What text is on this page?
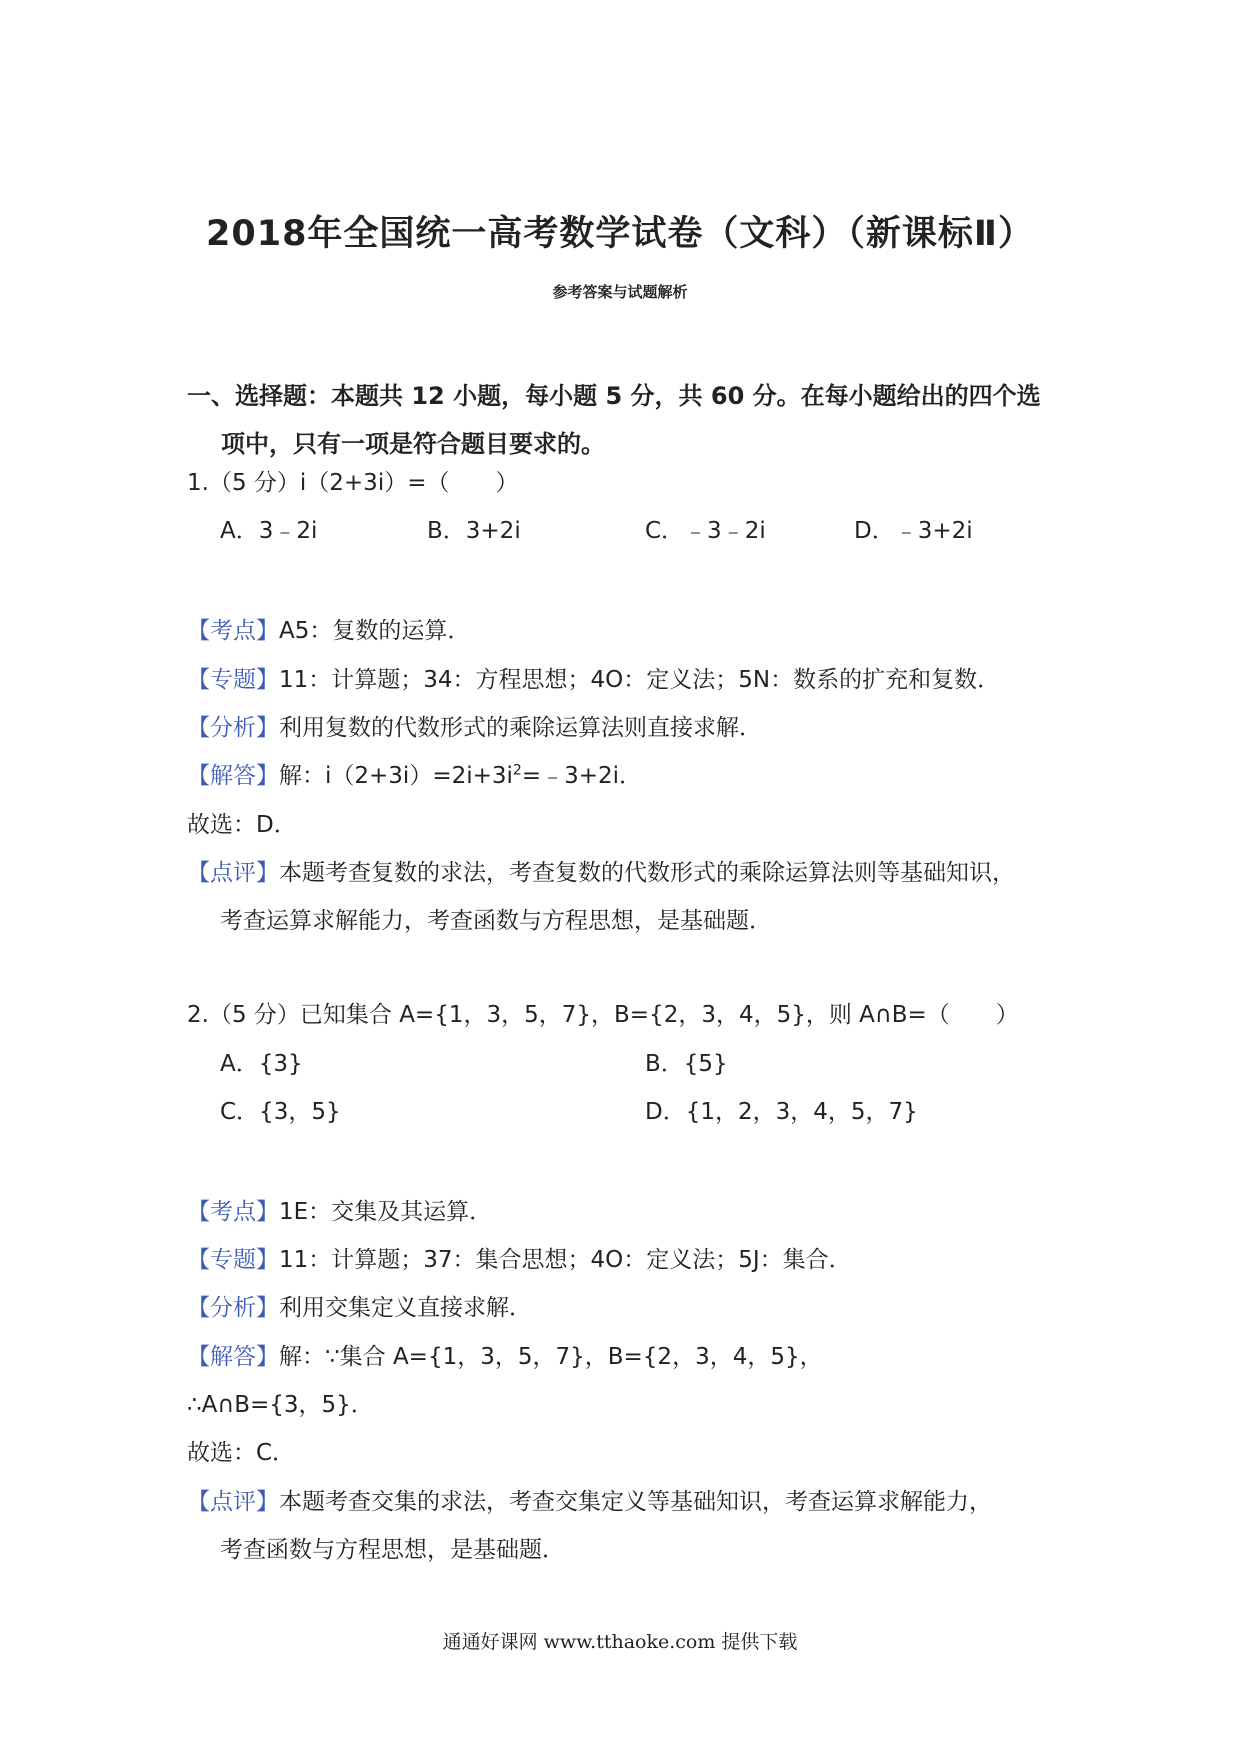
2018年全国统一高考数学试卷（文科）（新课标Ⅱ）
参考答案与试题解析
一、选择题：本题共 12 小题，每小题 5 分，共 60 分。在每小题给出的四个选
项中，只有一项是符合题目要求的。
1.（5 分）i（2+3i）=（　　）
A．3﹣2i	B．3+2i	C．﹣3﹣2i	D．﹣3+2i
【考点】A5：复数的运算．
【专题】11：计算题；34：方程思想；4O：定义法；5N：数系的扩充和复数．
【分析】利用复数的代数形式的乘除运算法则直接求解．
【解答】解：$i(2+3i)=2i+3i^2=﹣3+2i$．
故选：D．
【点评】本题考查复数的求法，考查复数的代数形式的乘除运算法则等基础知识，
考查运算求解能力，考查函数与方程思想，是基础题．
2.（5 分）已知集合 A={1，3，5，7}，B={2，3，4，5}，则 A∩B=（　　）
A．{3}	B．{5}
C．{3，5}	D．{1，2，3，4，5，7}
【考点】1E：交集及其运算．
【专题】11：计算题；37：集合思想；4O：定义法；5J：集合．
【分析】利用交集定义直接求解．
【解答】解：∵集合 A={1，3，5，7}，B={2，3，4，5}，
∴A∩B={3，5}．
故选：C．
【点评】本题考查交集的求法，考查交集定义等基础知识，考查运算求解能力，
考查函数与方程思想，是基础题．
通通好课网 www.tthaoke.com 提供下载
